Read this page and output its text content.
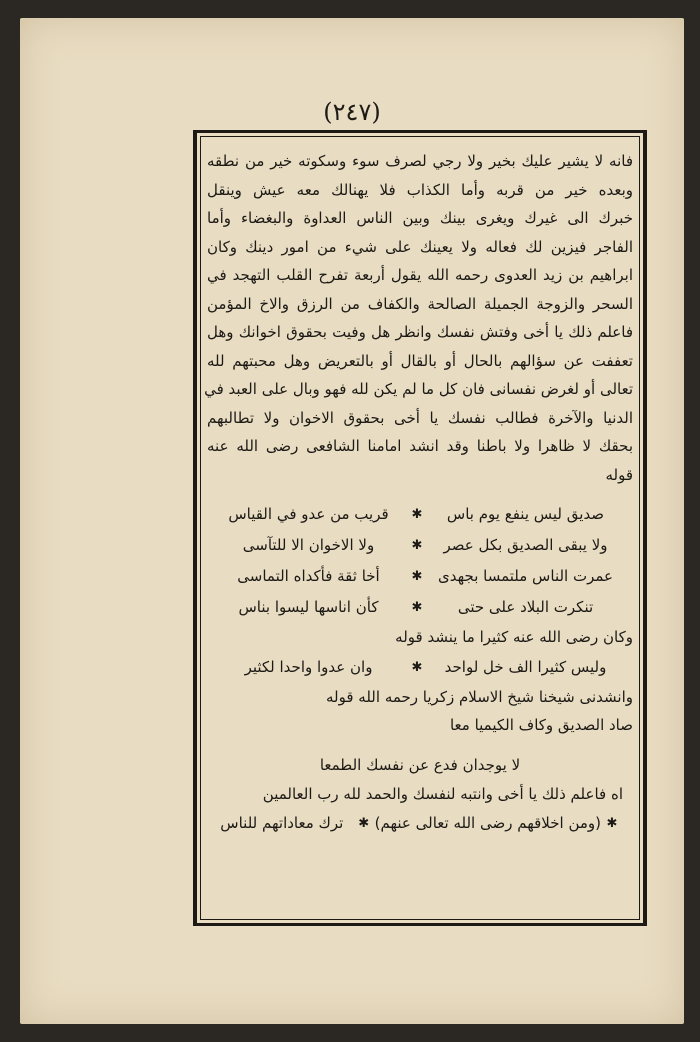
(٢٤٧)
فانه لا يشير عليك بخير ولا رجي لصرف سوء وسكوته خير من نطقه
وبعده خير من قربه وأما الكذاب فلا يهنالك معه عيش وينقل
خبرك الى غيرك ويغرى بينك وبين الناس العداوة والبغضاء وأما
الفاجر فيزين لك فعاله ولا يعينك على شيء من امور دينك وكان
ابراهيم بن زيد العدوى رحمه الله يقول أربعة تفرح القلب التهجد في
السحر والزوجة الجميلة الصالحة والكفاف من الرزق والاخ المؤمن
فاعلم ذلك يا أخى وفتش نفسك وانظر هل وفيت بحقوق اخوانك وهل
تعففت عن سؤالهم بالحال أو بالقال أو بالتعريض وهل محبتهم لله
تعالى أو لغرض نفسانى فان كل ما لم يكن لله فهو وبال على العبد في
الدنيا والآخرة فطالب نفسك يا أخى بحقوق الاخوان ولا تطالبهم
بحقك لا ظاهرا ولا باطنا وقد انشد امامنا الشافعى رضى الله عنه
قوله
صديق ليس ينفع يوم باس
✱
قريب من عدو في القياس
ولا يبقى الصديق بكل عصر
✱
ولا الاخوان الا للتآسى
عمرت الناس ملتمسا بجهدى
✱
أخا ثقة فأكداه التماسى
تنكرت البلاد على حتى
✱
كأن اناسها ليسوا بناس
وكان رضى الله عنه كثيرا ما ينشد قوله
وليس كثيرا الف خل لواحد
✱
وان عدوا واحدا لكثير
وانشدنى شيخنا شيخ الاسلام زكريا رحمه الله قوله
صاد الصديق وكاف الكيميا معا
لا يوجدان فدع عن نفسك الطمعا
اه فاعلم ذلك يا أخى وانتبه لنفسك والحمد لله رب العالمين
✱
(ومن اخلاقهم رضى الله تعالى عنهم)
✱
ترك معاداتهم للناس
